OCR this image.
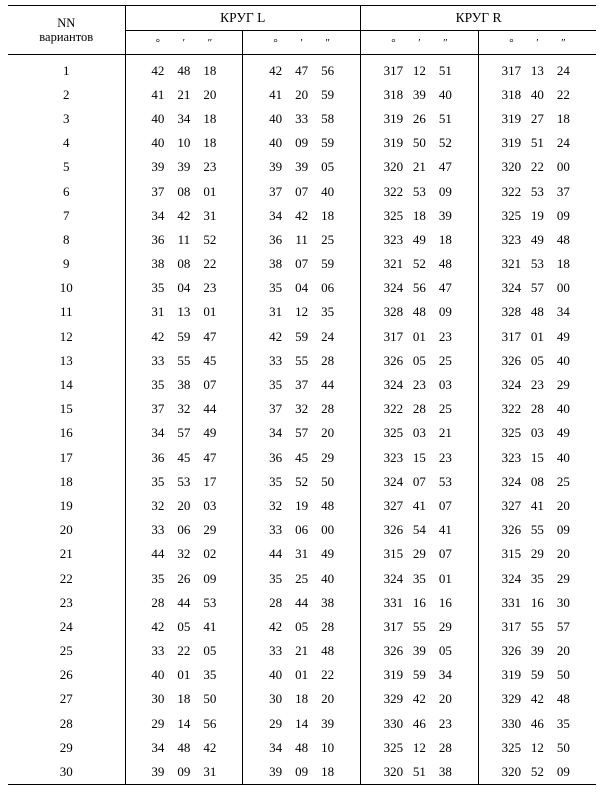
NN
вариантов	КРУГ L		КРУГ R	

	° ′ ″	° ′ ″	° ′ ″	° ′ ″

1	42 48 18	42 47 56	317 12 51	317 13 24

2	41 21 20	41 20 59	318 39 40	318 40 22

3	40 34 18	40 33 58	319 26 51	319 27 18

4	40 10 18	40 09 59	319 50 52	319 51 24

5	39 39 23	39 39 05	320 21 47	320 22 00

6	37 08 01	37 07 40	322 53 09	322 53 37

7	34 42 31	34 42 18	325 18 39	325 19 09

8	36 11 52	36 11 25	323 49 18	323 49 48

9	38 08 22	38 07 59	321 52 48	321 53 18

10	35 04 23	35 04 06	324 56 47	324 57 00

11	31 13 01	31 12 35	328 48 09	328 48 34

12	42 59 47	42 59 24	317 01 23	317 01 49

13	33 55 45	33 55 28	326 05 25	326 05 40

14	35 38 07	35 37 44	324 23 03	324 23 29

15	37 32 44	37 32 28	322 28 25	322 28 40

16	34 57 49	34 57 20	325 03 21	325 03 49

17	36 45 47	36 45 29	323 15 23	323 15 40

18	35 53 17	35 52 50	324 07 53	324 08 25

19	32 20 03	32 19 48	327 41 07	327 41 20

20	33 06 29	33 06 00	326 54 41	326 55 09

21	44 32 02	44 31 49	315 29 07	315 29 20

22	35 26 09	35 25 40	324 35 01	324 35 29

23	28 44 53	28 44 38	331 16 16	331 16 30

24	42 05 41	42 05 28	317 55 29	317 55 57

25	33 22 05	33 21 48	326 39 05	326 39 20

26	40 01 35	40 01 22	319 59 34	319 59 50

27	30 18 50	30 18 20	329 42 20	329 42 48

28	29 14 56	29 14 39	330 46 23	330 46 35

29	34 48 42	34 48 10	325 12 28	325 12 50

30	39 09 31	39 09 18	320 51 38	320 52 09
